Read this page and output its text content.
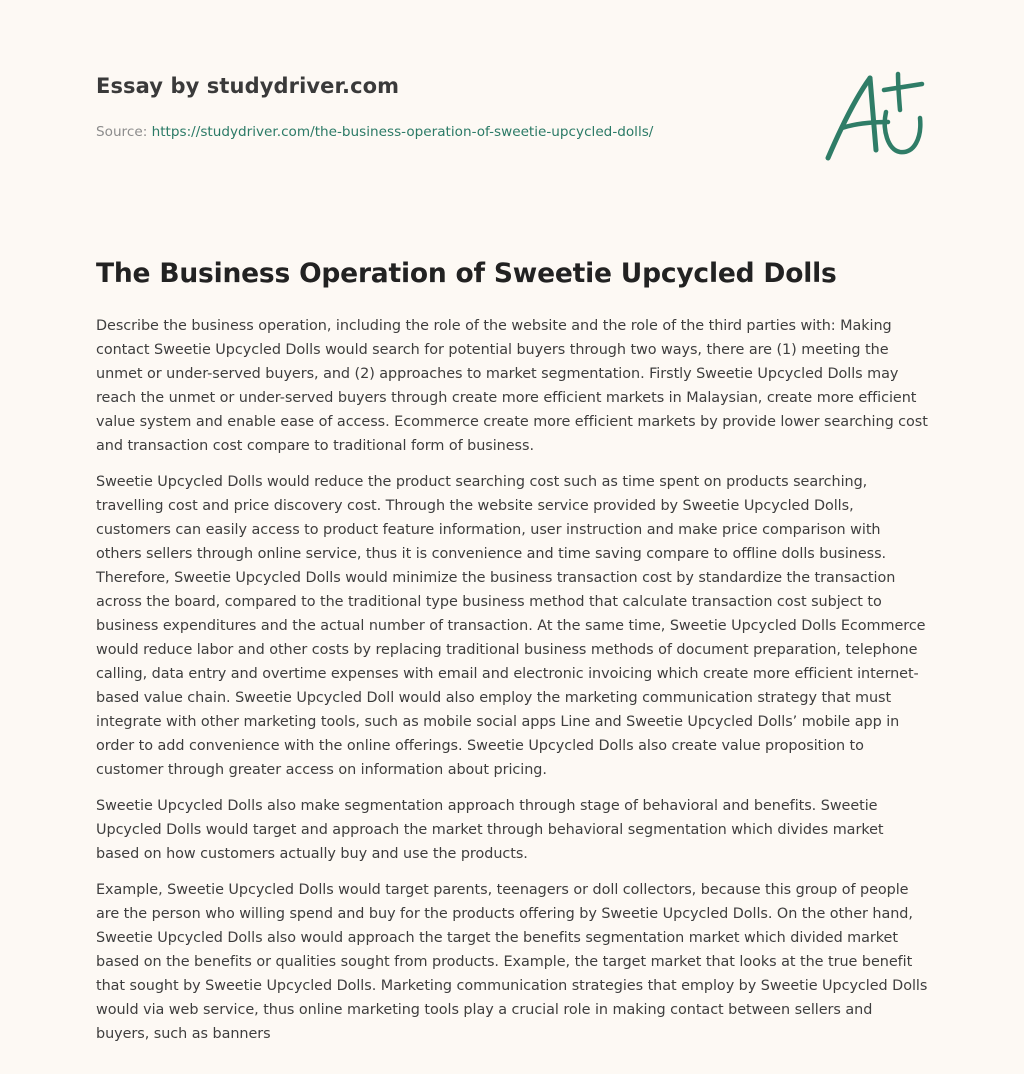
Essay by studydriver.com
Source: https://studydriver.com/the-business-operation-of-sweetie-upcycled-dolls/
The Business Operation of Sweetie Upcycled Dolls

Describe the business operation, including the role of the website and the role of the third parties with: Making contact Sweetie Upcycled Dolls would search for potential buyers through two ways, there are (1) meeting the unmet or under-served buyers, and (2) approaches to market segmentation. Firstly Sweetie Upcycled Dolls may reach the unmet or under-served buyers through create more efficient markets in Malaysian, create more efficient value system and enable ease of access. Ecommerce create more efficient markets by provide lower searching cost and transaction cost compare to traditional form of business.

Sweetie Upcycled Dolls would reduce the product searching cost such as time spent on products searching, travelling cost and price discovery cost. Through the website service provided by Sweetie Upcycled Dolls, customers can easily access to product feature information, user instruction and make price comparison with others sellers through online service, thus it is convenience and time saving compare to offline dolls business. Therefore, Sweetie Upcycled Dolls would minimize the business transaction cost by standardize the transaction across the board, compared to the traditional type business method that calculate transaction cost subject to business expenditures and the actual number of transaction. At the same time, Sweetie Upcycled Dolls Ecommerce would reduce labor and other costs by replacing traditional business methods of document preparation, telephone calling, data entry and overtime expenses with email and electronic invoicing which create more efficient internet-based value chain. Sweetie Upcycled Doll would also employ the marketing communication strategy that must integrate with other marketing tools, such as mobile social apps Line and Sweetie Upcycled Dolls’ mobile app in order to add convenience with the online offerings. Sweetie Upcycled Dolls also create value proposition to customer through greater access on information about pricing.

Sweetie Upcycled Dolls also make segmentation approach through stage of behavioral and benefits. Sweetie Upcycled Dolls would target and approach the market through behavioral segmentation which divides market based on how customers actually buy and use the products.

Example, Sweetie Upcycled Dolls would target parents, teenagers or doll collectors, because this group of people are the person who willing spend and buy for the products offering by Sweetie Upcycled Dolls. On the other hand, Sweetie Upcycled Dolls also would approach the target the benefits segmentation market which divided market based on the benefits or qualities sought from products. Example, the target market that looks at the true benefit that sought by Sweetie Upcycled Dolls. Marketing communication strategies that employ by Sweetie Upcycled Dolls would via web service, thus online marketing tools play a crucial role in making contact between sellers and buyers, such as banners
